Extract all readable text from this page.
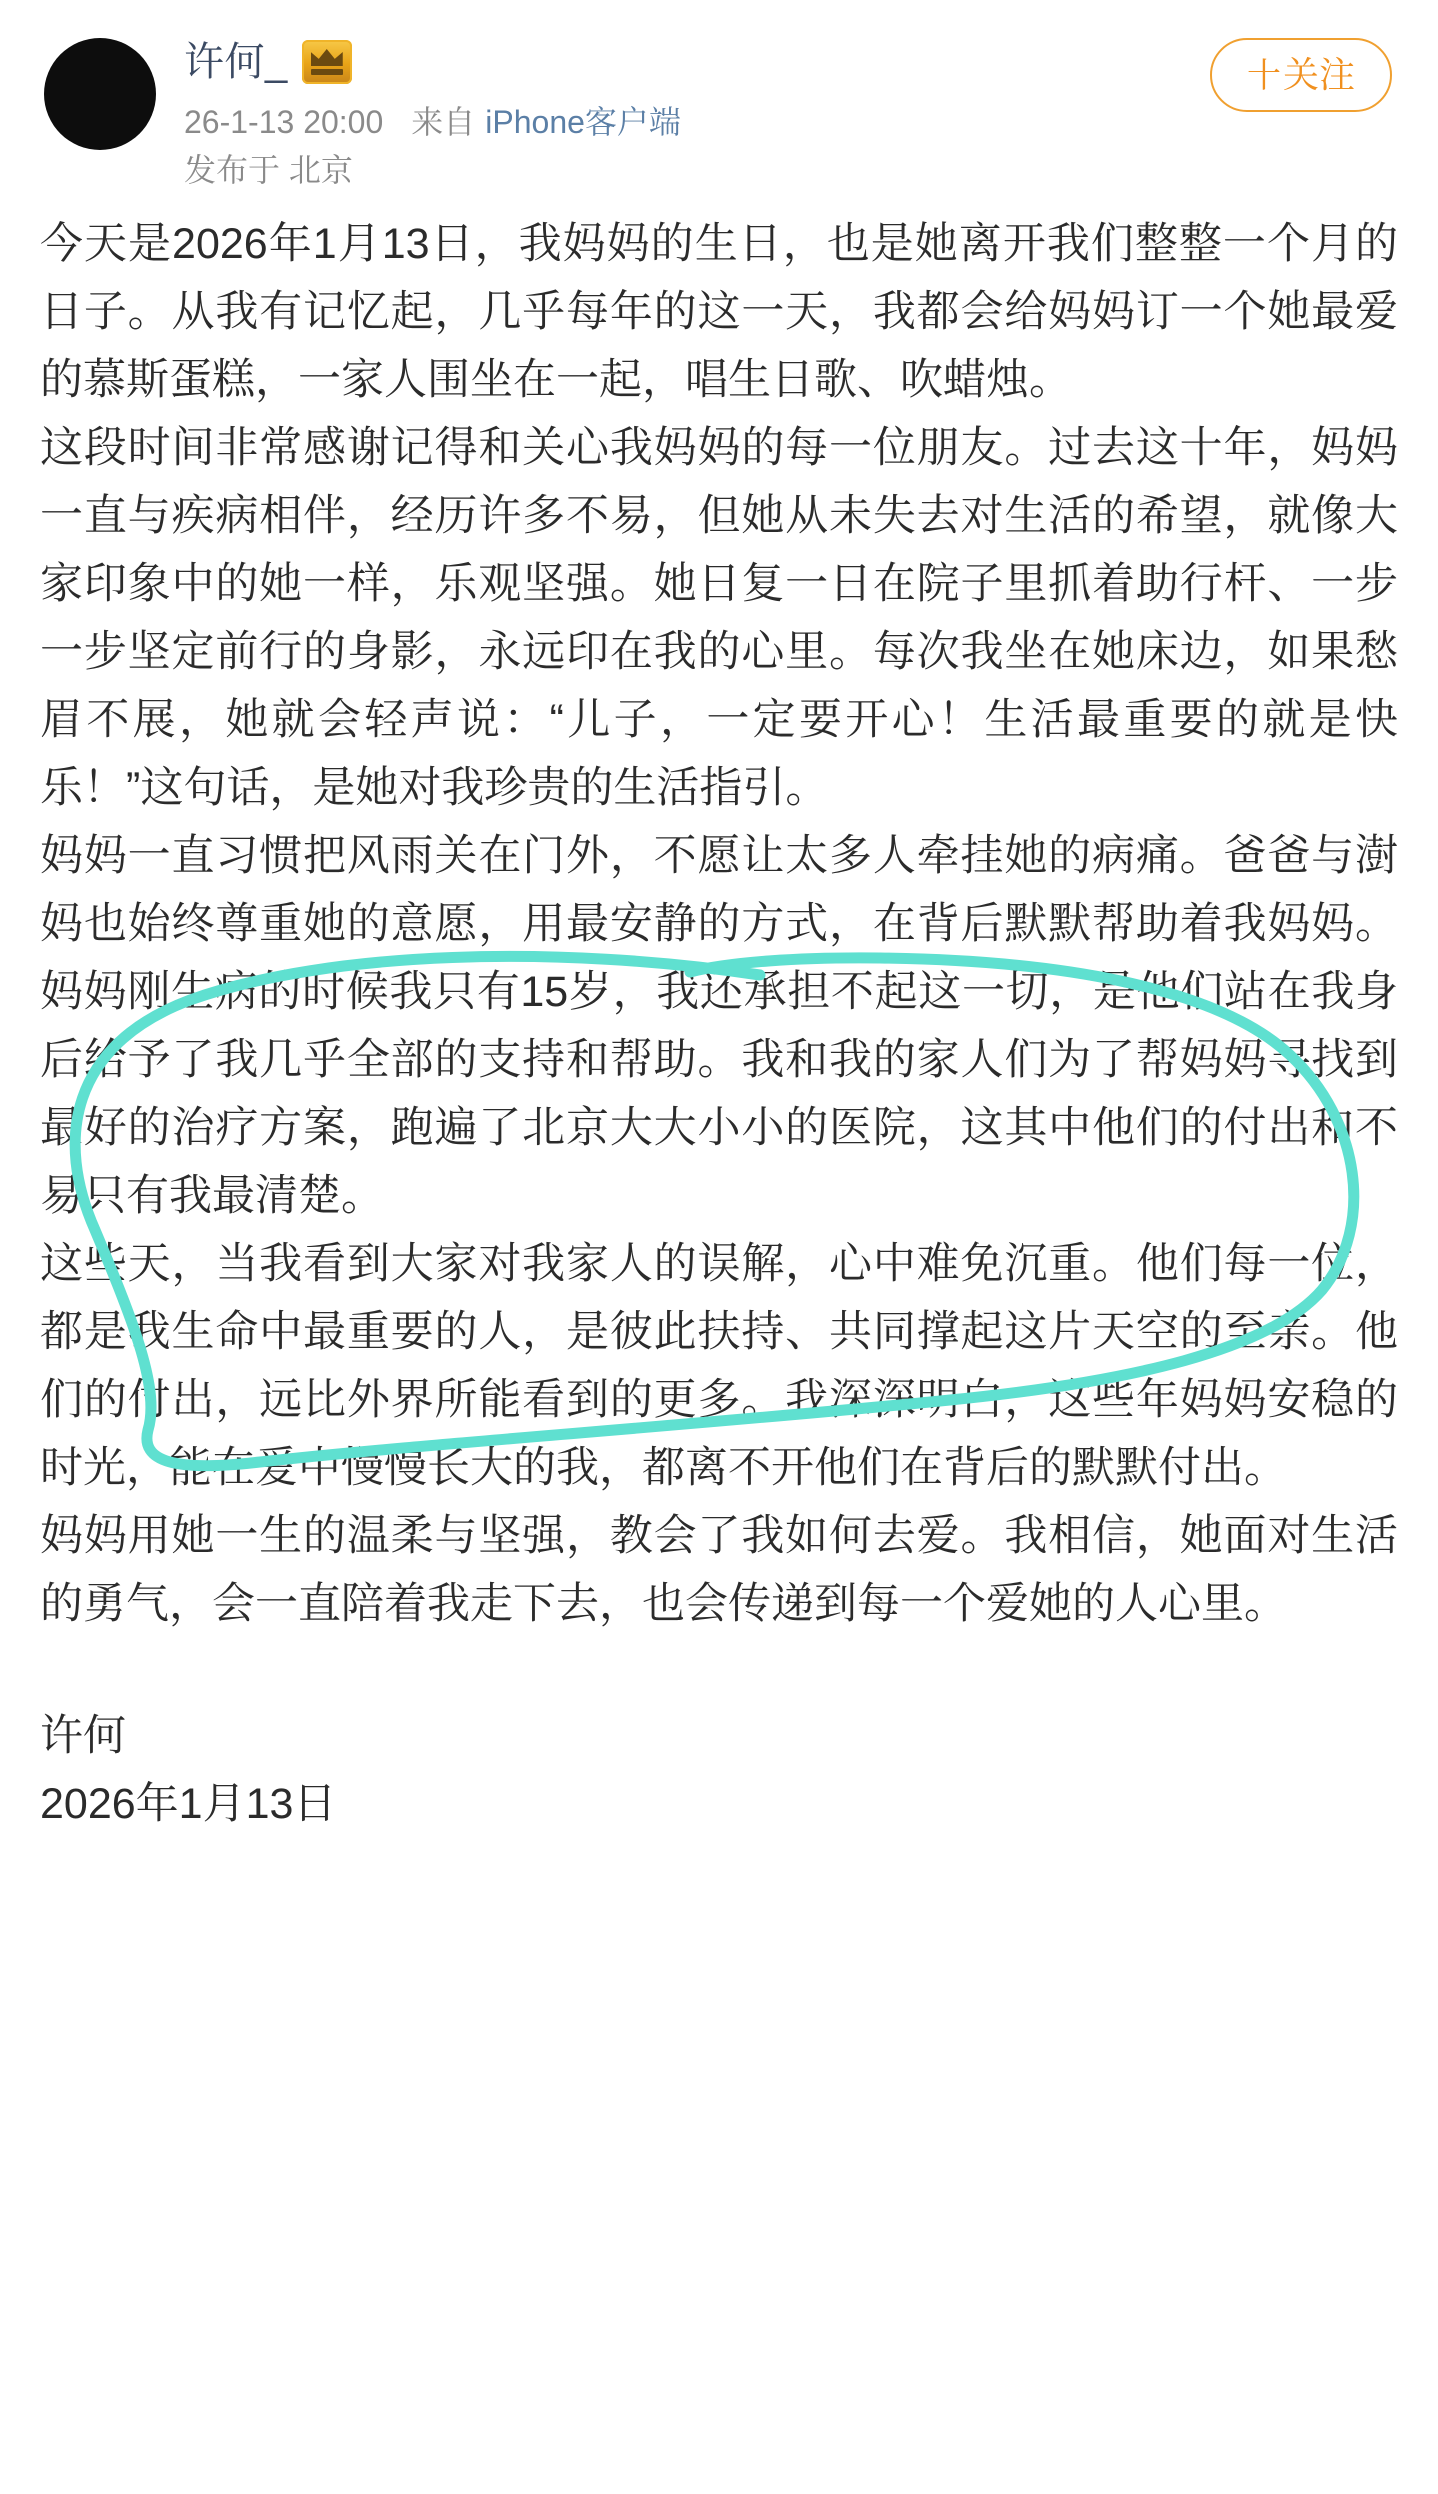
许何_
26-1-13 20:00 来自 iPhone客户端
发布于 北京
十关注

今天是2026年1月13日，我妈妈的生日，也是她离开我们整整一个月的日子。从我有记忆起，几乎每年的这一天，我都会给妈妈订一个她最爱的慕斯蛋糕，一家人围坐在一起，唱生日歌、吹蜡烛。

这段时间非常感谢记得和关心我妈妈的每一位朋友。过去这十年，妈妈一直与疾病相伴，经历许多不易，但她从未失去对生活的希望，就像大家印象中的她一样，乐观坚强。她日复一日在院子里抓着助行杆、一步一步坚定前行的身影，永远印在我的心里。每次我坐在她床边，如果愁眉不展，她就会轻声说：“儿子，一定要开心！生活最重要的就是快乐！”这句话，是她对我珍贵的生活指引。

妈妈一直习惯把风雨关在门外，不愿让太多人牵挂她的病痛。爸爸与澍妈也始终尊重她的意愿，用最安静的方式，在背后默默帮助着我妈妈。妈妈刚生病的时候我只有15岁，我还承担不起这一切，是他们站在我身后给予了我几乎全部的支持和帮助。我和我的家人们为了帮妈妈寻找到最好的治疗方案，跑遍了北京大大小小的医院，这其中他们的付出和不易只有我最清楚。

这些天，当我看到大家对我家人的误解，心中难免沉重。他们每一位，都是我生命中最重要的人，是彼此扶持、共同撑起这片天空的至亲。他们的付出，远比外界所能看到的更多。我深深明白，这些年妈妈安稳的时光，能在爱中慢慢长大的我，都离不开他们在背后的默默付出。

妈妈用她一生的温柔与坚强，教会了我如何去爱。我相信，她面对生活的勇气，会一直陪着我走下去，也会传递到每一个爱她的人心里。

许何

2026年1月13日
